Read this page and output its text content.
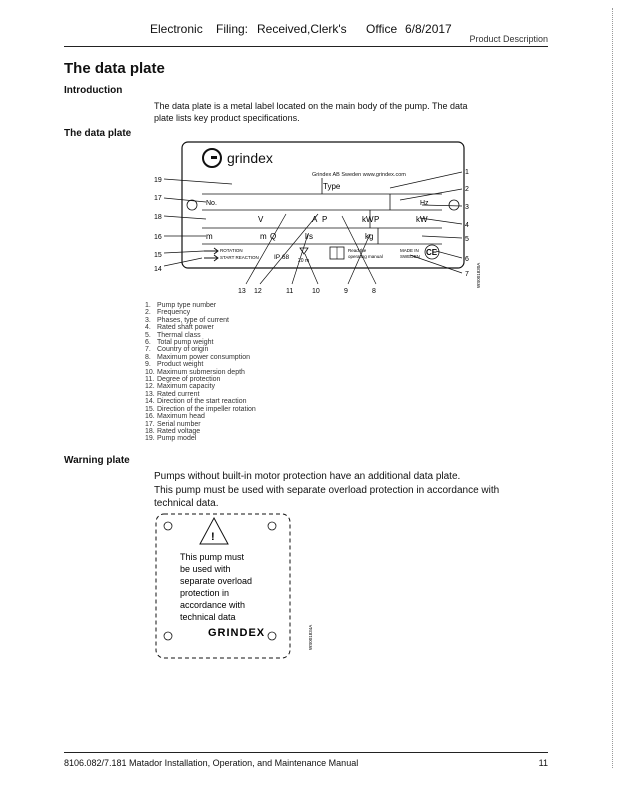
Electronic Filing: Received,Clerk's Office 6/8/2017
Product Description
The data plate
Introduction
The data plate is a metal label located on the main body of the pump. The data
plate lists key product specifications.
The data plate
grindex
Grindex AB Sweden www.grindex.com
Type
No.	Hz
V	A P	kW P	kW
m	m Q	l/s	kg
ROTATION
START REACTION IP 68 20 m
Read the
operating manual
MADE IN
SWEDEN CE
19
17
18
16
15
14
1
2
3
4
5
6
7
13 12	11	10	9	8
WS001830A
1. Pump type number
2. Frequency
3. Phases, type of current
4. Rated shaft power
5. Thermal class
6. Total pump weight
7. Country of origin
8. Maximum power consumption
9. Product weight
10. Maximum submersion depth
11. Degree of protection
12. Maximum capacity
13. Rated current
14. Direction of the start reaction
15. Direction of the impeller rotation
16. Maximum head
17. Serial number
18. Rated voltage
19. Pump model
Warning plate
Pumps without built-in motor protection have an additional data plate.
This pump must be used with separate overload protection in accordance with
technical data.
!
This pump must
be used with
separate overload
protection in
accordance with
technical data
GRINDEX	WS001834A
8106.082/7.181 Matador Installation, Operation, and Maintenance Manual	11
